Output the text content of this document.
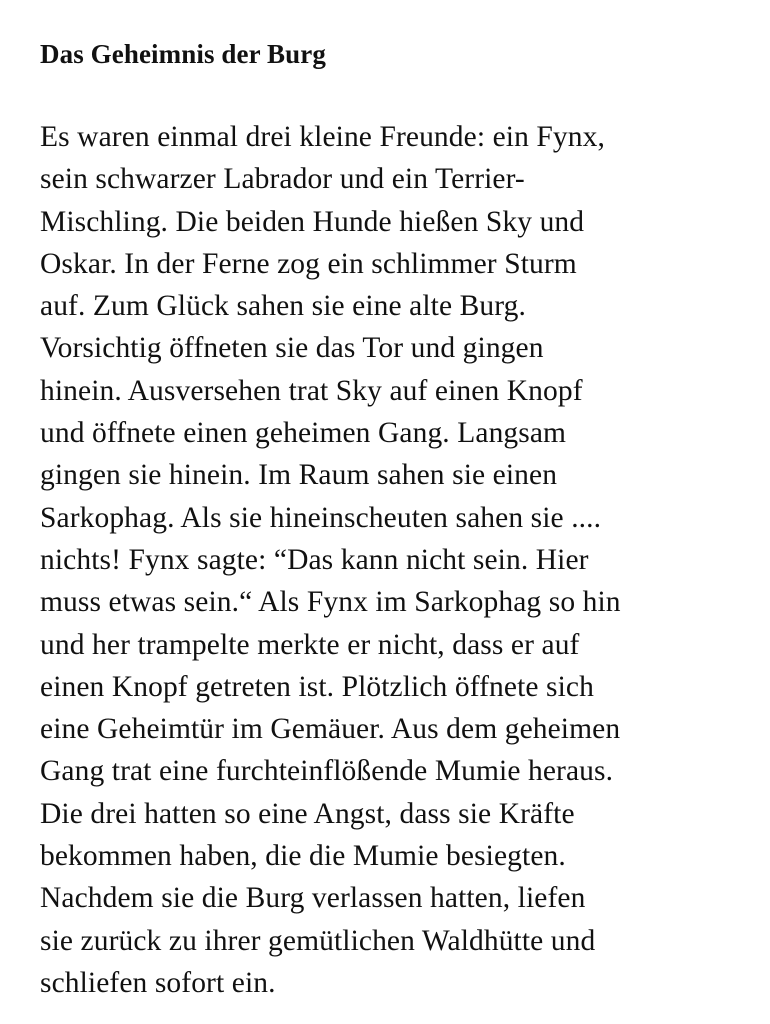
Das Geheimnis der Burg
Es waren einmal drei kleine Freunde: ein Fynx,
sein schwarzer Labrador und ein Terrier-
Mischling. Die beiden Hunde hießen Sky und
Oskar. In der Ferne zog ein schlimmer Sturm
auf. Zum Glück sahen sie eine alte Burg.
Vorsichtig öffneten sie das Tor und gingen
hinein. Ausversehen trat Sky auf einen Knopf
und öffnete einen geheimen Gang. Langsam
gingen sie hinein. Im Raum sahen sie einen
Sarkophag. Als sie hineinscheuten sahen sie ....
nichts! Fynx sagte: “Das kann nicht sein. Hier
muss etwas sein.“ Als Fynx im Sarkophag so hin
und her trampelte merkte er nicht, dass er auf
einen Knopf getreten ist. Plötzlich öffnete sich
eine Geheimtür im Gemäuer. Aus dem geheimen
Gang trat eine furchteinflößende Mumie heraus.
Die drei hatten so eine Angst, dass sie Kräfte
bekommen haben, die die Mumie besiegten.
Nachdem sie die Burg verlassen hatten, liefen
sie zurück zu ihrer gemütlichen Waldhütte und
schliefen sofort ein.
